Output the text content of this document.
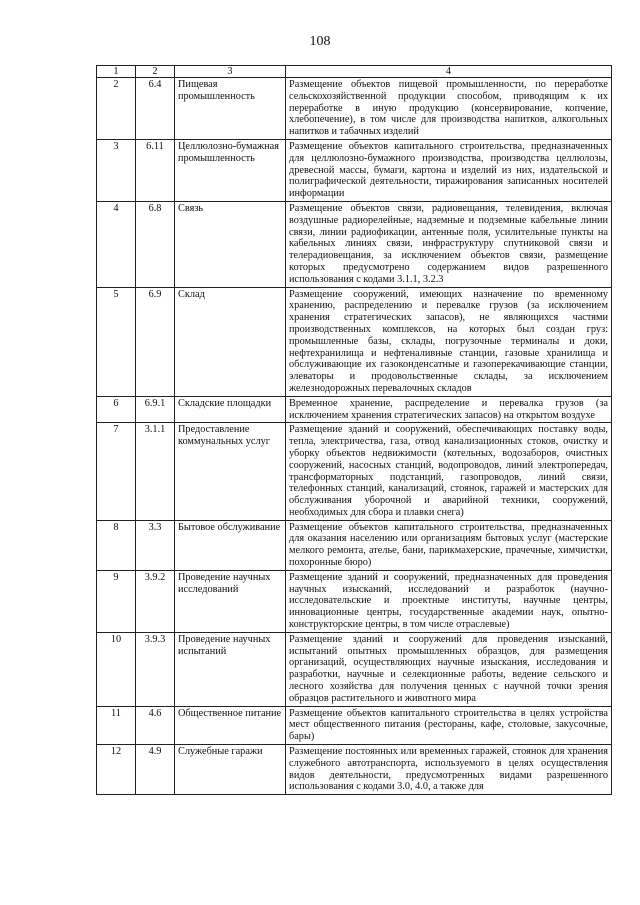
108
1	2	3	4
2	6.4	Пищевая промышленность	Размещение объектов пищевой промышленности, по переработке сельскохозяйственной продукции способом, приводящим к их переработке в иную продукцию (консервирование, копчение, хлебопечение), в том числе для производства напитков, алкогольных напитков и табачных изделий
3	6.11	Целлюлозно-бумажная промышленность	Размещение объектов капитального строительства, предназначенных для целлюлозно-бумажного производства, производства целлюлозы, древесной массы, бумаги, картона и изделий из них, издательской и полиграфической деятельности, тиражирования записанных носителей информации
4	6.8	Связь	Размещение объектов связи, радиовещания, телевидения, включая воздушные радиорелейные, надземные и подземные кабельные линии связи, линии радиофикации, антенные поля, усилительные пункты на кабельных линиях связи, инфраструктуру спутниковой связи и телерадиовещания, за исключением объектов связи, размещение которых предусмотрено содержанием видов разрешенного использования с кодами 3.1.1, 3.2.3
5	6.9	Склад	Размещение сооружений, имеющих назначение по временному хранению, распределению и перевалке грузов (за исключением хранения стратегических запасов), не являющихся частями производственных комплексов, на которых был создан груз: промышленные базы, склады, погрузочные терминалы и доки, нефтехранилища и нефтеналивные станции, газовые хранилища и обслуживающие их газоконденсатные и газоперекачивающие станции, элеваторы и продовольственные склады, за исключением железнодорожных перевалочных складов
6	6.9.1	Складские площадки	Временное хранение, распределение и перевалка грузов (за исключением хранения стратегических запасов) на открытом воздухе
7	3.1.1	Предоставление коммунальных услуг	Размещение зданий и сооружений, обеспечивающих поставку воды, тепла, электричества, газа, отвод канализационных стоков, очистку и уборку объектов недвижимости (котельных, водозаборов, очистных сооружений, насосных станций, водопроводов, линий электропередач, трансформаторных подстанций, газопроводов, линий связи, телефонных станций, канализаций, стоянок, гаражей и мастерских для обслуживания уборочной и аварийной техники, сооружений, необходимых для сбора и плавки снега)
8	3.3	Бытовое обслуживание	Размещение объектов капитального строительства, предназначенных для оказания населению или организациям бытовых услуг (мастерские мелкого ремонта, ателье, бани, парикмахерские, прачечные, химчистки, похоронные бюро)
9	3.9.2	Проведение научных исследований	Размещение зданий и сооружений, предназначенных для проведения научных изысканий, исследований и разработок (научно-исследовательские и проектные институты, научные центры, инновационные центры, государственные академии наук, опытно-конструкторские центры, в том числе отраслевые)
10	3.9.3	Проведение научных испытаний	Размещение зданий и сооружений для проведения изысканий, испытаний опытных промышленных образцов, для размещения организаций, осуществляющих научные изыскания, исследования и разработки, научные и селекционные работы, ведение сельского и лесного хозяйства для получения ценных с научной точки зрения образцов растительного и животного мира
11	4.6	Общественное питание	Размещение объектов капитального строительства в целях устройства мест общественного питания (рестораны, кафе, столовые, закусочные, бары)
12	4.9	Служебные гаражи	Размещение постоянных или временных гаражей, стоянок для хранения служебного автотранспорта, используемого в целях осуществления видов деятельности, предусмотренных видами разрешенного использования с кодами 3.0, 4.0, а также для
